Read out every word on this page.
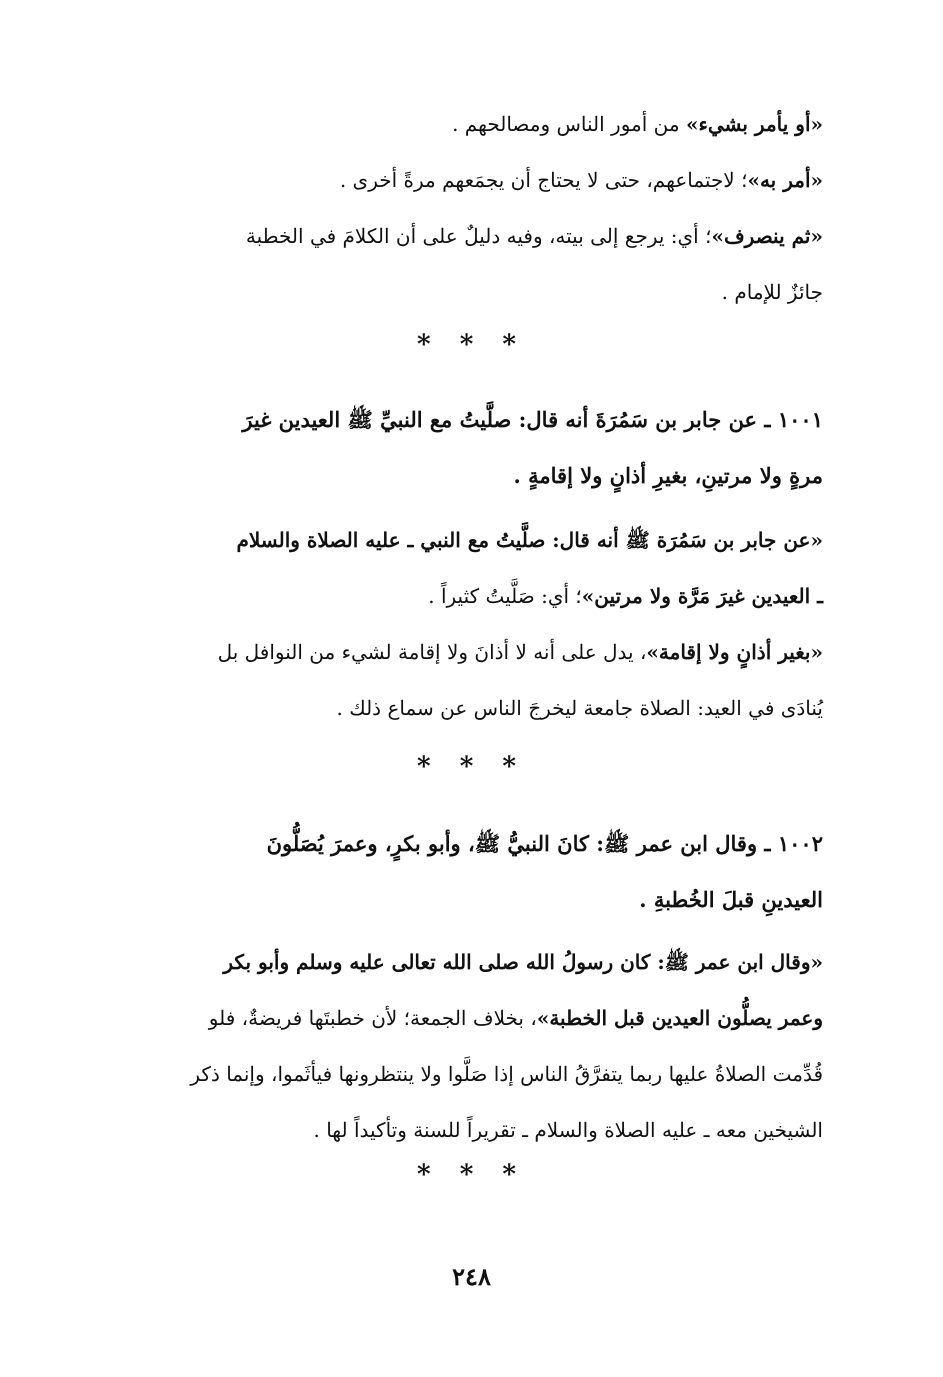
«أو يأمر بشيء» من أمور الناس ومصالحهم .
«أمر به»؛ لاجتماعهم، حتى لا يحتاج أن يجمَعهم مرةً أخرى .
«ثم ينصرف»؛ أي: يرجع إلى بيته، وفيه دليلٌ على أن الكلامَ في الخطبة
جائزٌ للإمام .
* * *
١٠٠١ ـ عن جابر بن سَمُرَةَ أنه قال: صلَّيتُ مع النبيِّ ﷺ العيدين غيرَ
مرةٍ ولا مرتينِ، بغيرِ أذانٍ ولا إقامةٍ .
«عن جابر بن سَمُرَة ﷺ أنه قال: صلَّيتُ مع النبي ـ عليه الصلاة والسلام
ـ العيدين غيرَ مَرَّة ولا مرتين»؛ أي: صَلَّيتُ كثيراً .
«بغير أذانٍ ولا إقامة»، يدل على أنه لا أذانَ ولا إقامة لشيء من النوافل بل
يُنادَى في العيد: الصلاة جامعة ليخرجَ الناس عن سماع ذلك .
* * *
١٠٠٢ ـ وقال ابن عمر ﷺ: كانَ النبيُّ ﷺ، وأبو بكرٍ، وعمرَ يُصَلُّونَ
العيدينِ قبلَ الخُطبةِ .
«وقال ابن عمر ﷺ: كان رسولُ الله صلى الله تعالى عليه وسلم وأبو بكر
وعمر يصلُّون العيدين قبل الخطبة»، بخلاف الجمعة؛ لأن خطبتَها فريضةٌ، فلو
قُدِّمت الصلاةُ عليها ربما يتفرَّقُ الناس إذا صَلَّوا ولا ينتظرونها فيأثَموا، وإنما ذكر
الشيخين معه ـ عليه الصلاة والسلام ـ تقريراً للسنة وتأكيداً لها .
* * *
٢٤٨
